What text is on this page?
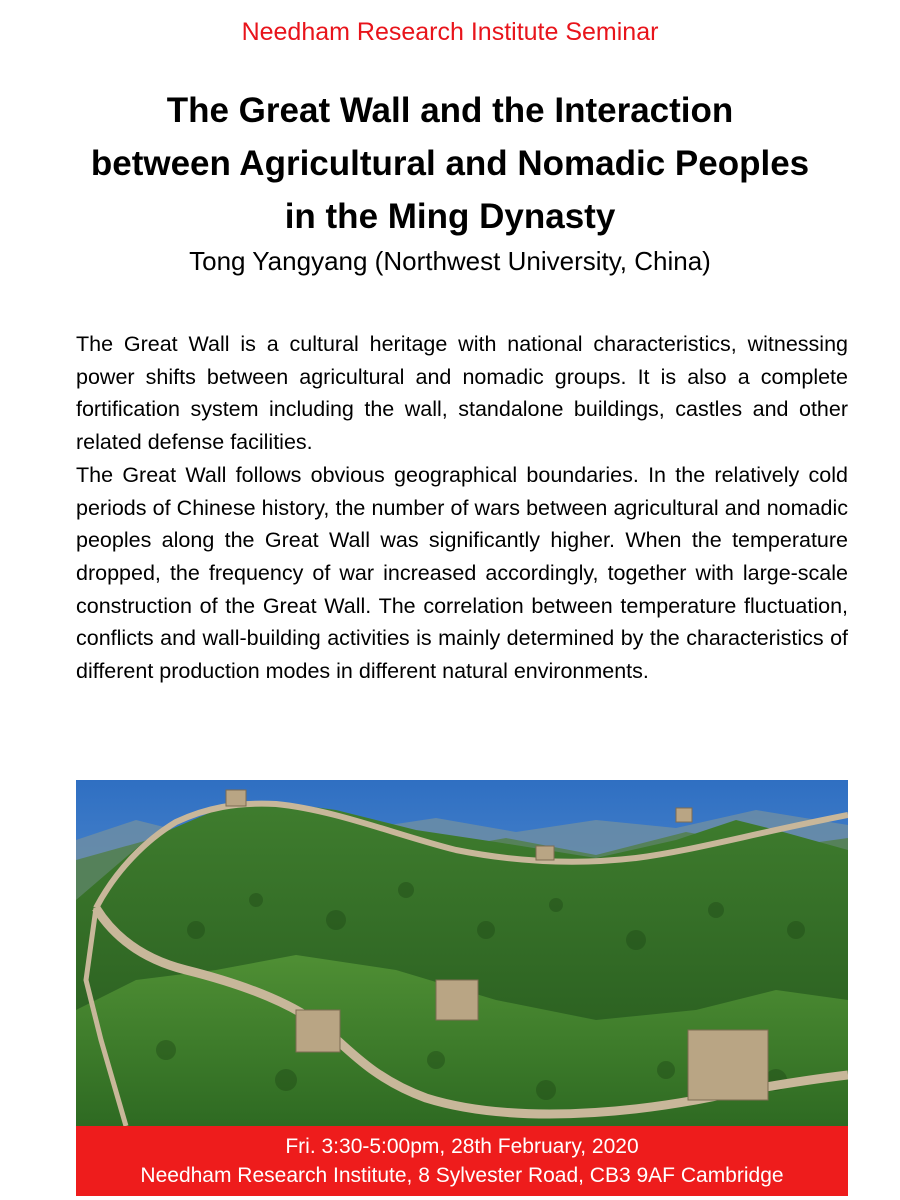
Needham Research Institute Seminar
The Great Wall and the Interaction
between Agricultural and Nomadic Peoples
in the Ming Dynasty
Tong Yangyang (Northwest University, China)

The Great Wall is a cultural heritage with national characteristics, witnessing power shifts between agricultural and nomadic groups. It is also a complete fortification system including the wall, standalone buildings, castles and other related defense facilities.

The Great Wall follows obvious geographical boundaries. In the relatively cold periods of Chinese history, the number of wars between agricultural and nomadic peoples along the Great Wall was significantly higher. When the temperature dropped, the frequency of war increased accordingly, together with large-scale construction of the Great Wall. The correlation between temperature fluctuation, conflicts and wall-building activities is mainly determined by the characteristics of different production modes in different natural environments.

Fri. 3:30-5:00pm, 28th February, 2020
Needham Research Institute, 8 Sylvester Road, CB3 9AF Cambridge
